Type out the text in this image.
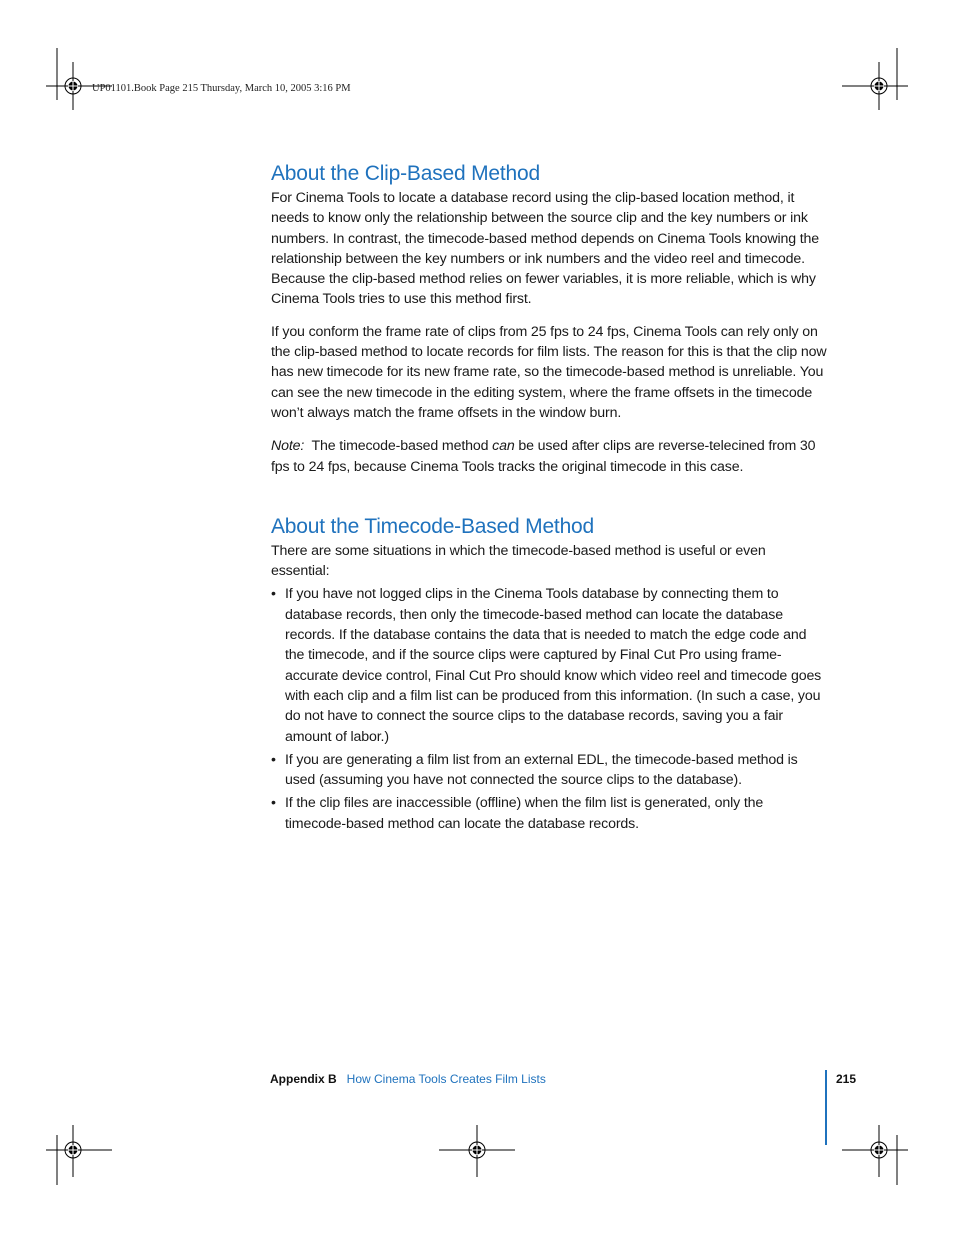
UP01101.Book Page 215 Thursday, March 10, 2005 3:16 PM
About the Clip-Based Method

For Cinema Tools to locate a database record using the clip-based location method, it needs to know only the relationship between the source clip and the key numbers or ink numbers. In contrast, the timecode-based method depends on Cinema Tools knowing the relationship between the key numbers or ink numbers and the video reel and timecode. Because the clip-based method relies on fewer variables, it is more reliable, which is why Cinema Tools tries to use this method first.

If you conform the frame rate of clips from 25 fps to 24 fps, Cinema Tools can rely only on the clip-based method to locate records for film lists. The reason for this is that the clip now has new timecode for its new frame rate, so the timecode-based method is unreliable. You can see the new timecode in the editing system, where the frame offsets in the timecode won’t always match the frame offsets in the window burn.

Note:  The timecode-based method can be used after clips are reverse-telecined from 30 fps to 24 fps, because Cinema Tools tracks the original timecode in this case.

About the Timecode-Based Method

There are some situations in which the timecode-based method is useful or even essential:

• If you have not logged clips in the Cinema Tools database by connecting them to database records, then only the timecode-based method can locate the database records. If the database contains the data that is needed to match the edge code and the timecode, and if the source clips were captured by Final Cut Pro using frame-accurate device control, Final Cut Pro should know which video reel and timecode goes with each clip and a film list can be produced from this information. (In such a case, you do not have to connect the source clips to the database records, saving you a fair amount of labor.)
• If you are generating a film list from an external EDL, the timecode-based method is used (assuming you have not connected the source clips to the database).
• If the clip files are inaccessible (offline) when the film list is generated, only the timecode-based method can locate the database records.
Appendix B How Cinema Tools Creates Film Lists	215
